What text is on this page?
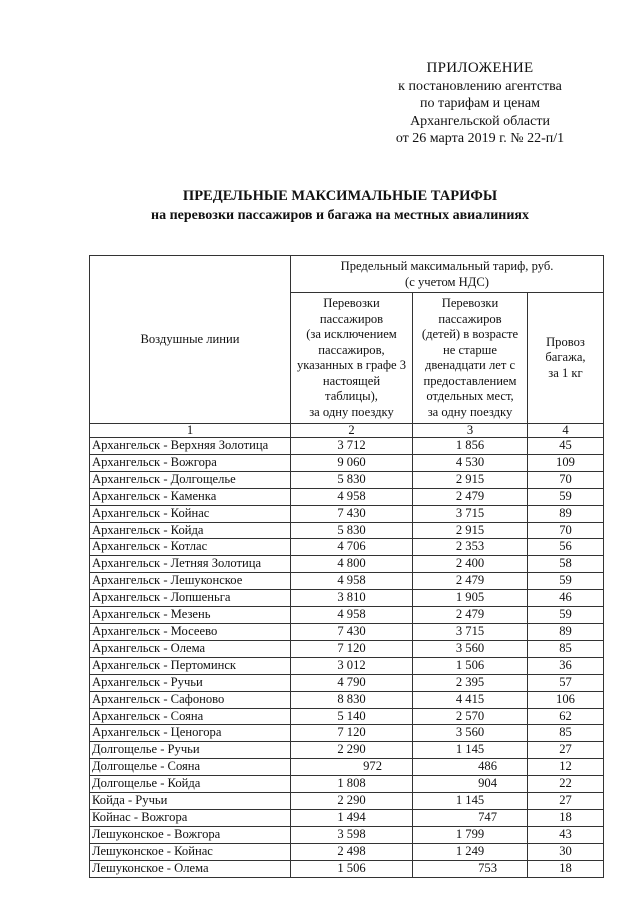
ПРИЛОЖЕНИЕ
к постановлению агентства
по тарифам и ценам
Архангельской области
от 26 марта 2019 г. № 22-п/1
ПРЕДЕЛЬНЫЕ МАКСИМАЛЬНЫЕ ТАРИФЫ
на перевозки пассажиров и багажа на местных авиалиниях
Воздушные линии	Предельный максимальный тариф, руб.
(с учетом НДС)		

Перевозки
пассажиров
(за исключением
пассажиров,
указанных в графе 3
настоящей
таблицы),
за одну поездку

Перевозки
пассажиров
(детей) в возрасте
не старше
двенадцати лет с
предоставлением
отдельных мест,
за одну поездку

Провоз
багажа,
за 1 кг

1	2	3	4
Архангельск - Верхняя Золотица	3 712	1 856	45
Архангельск - Вожгора	9 060	4 530	109
Архангельск - Долгощелье	5 830	2 915	70
Архангельск - Каменка	4 958	2 479	59
Архангельск - Койнас	7 430	3 715	89
Архангельск - Койда	5 830	2 915	70
Архангельск - Котлас	4 706	2 353	56
Архангельск - Летняя Золотица	4 800	2 400	58
Архангельск - Лешуконское	4 958	2 479	59
Архангельск - Лопшеньга	3 810	1 905	46
Архангельск - Мезень	4 958	2 479	59
Архангельск - Мосеево	7 430	3 715	89
Архангельск - Олема	7 120	3 560	85
Архангельск - Пертоминск	3 012	1 506	36
Архангельск - Ручьи	4 790	2 395	57
Архангельск - Сафоново	8 830	4 415	106
Архангельск - Сояна	5 140	2 570	62
Архангельск - Ценогора	7 120	3 560	85
Долгощелье - Ручьи	2 290	1 145	27
Долгощелье - Сояна	972	486	12
Долгощелье - Койда	1 808	904	22
Койда - Ручьи	2 290	1 145	27
Койнас - Вожгора	1 494	747	18
Лешуконское - Вожгора	3 598	1 799	43
Лешуконское - Койнас	2 498	1 249	30
Лешуконское - Олема	1 506	753	18
